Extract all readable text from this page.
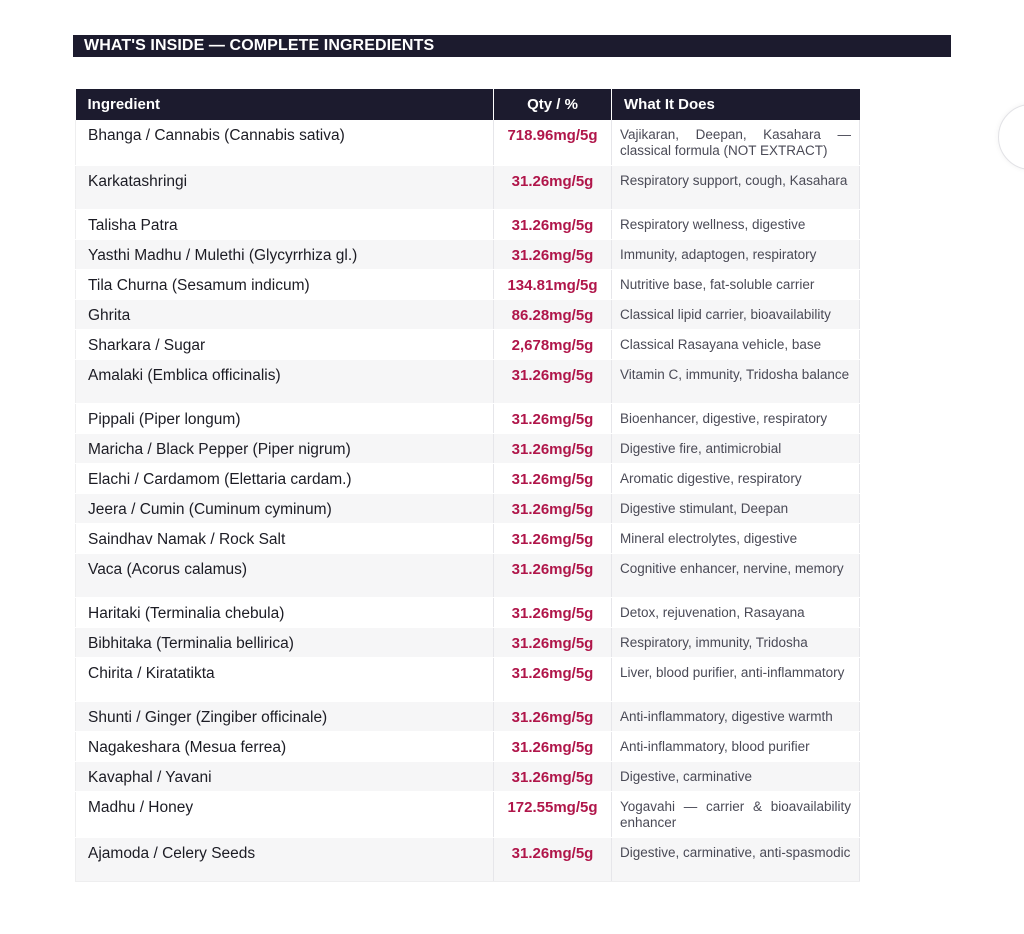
WHAT'S INSIDE — COMPLETE INGREDIENTS
Ingredient	Qty / %	What It Does
Bhanga / Cannabis (Cannabis sativa)	718.96mg/5g	Vajikaran, Deepan, Kasahara — classical formula (NOT EXTRACT)
Karkatashringi	31.26mg/5g	Respiratory support, cough, Kasahara
Talisha Patra	31.26mg/5g	Respiratory wellness, digestive
Yasthi Madhu / Mulethi (Glycyrrhiza gl.)	31.26mg/5g	Immunity, adaptogen, respiratory
Tila Churna (Sesamum indicum)	134.81mg/5g	Nutritive base, fat-soluble carrier
Ghrita	86.28mg/5g	Classical lipid carrier, bioavailability
Sharkara / Sugar	2,678mg/5g	Classical Rasayana vehicle, base
Amalaki (Emblica officinalis)	31.26mg/5g	Vitamin C, immunity, Tridosha balance
Pippali (Piper longum)	31.26mg/5g	Bioenhancer, digestive, respiratory
Maricha / Black Pepper (Piper nigrum)	31.26mg/5g	Digestive fire, antimicrobial
Elachi / Cardamom (Elettaria cardam.)	31.26mg/5g	Aromatic digestive, respiratory
Jeera / Cumin (Cuminum cyminum)	31.26mg/5g	Digestive stimulant, Deepan
Saindhav Namak / Rock Salt	31.26mg/5g	Mineral electrolytes, digestive
Vaca (Acorus calamus)	31.26mg/5g	Cognitive enhancer, nervine, memory
Haritaki (Terminalia chebula)	31.26mg/5g	Detox, rejuvenation, Rasayana
Bibhitaka (Terminalia bellirica)	31.26mg/5g	Respiratory, immunity, Tridosha
Chirita / Kiratatikta	31.26mg/5g	Liver, blood purifier, anti-inflammatory
Shunti / Ginger (Zingiber officinale)	31.26mg/5g	Anti-inflammatory, digestive warmth
Nagakeshara (Mesua ferrea)	31.26mg/5g	Anti-inflammatory, blood purifier
Kavaphal / Yavani	31.26mg/5g	Digestive, carminative
Madhu / Honey	172.55mg/5g	Yogavahi — carrier & bioavailability enhancer
Ajamoda / Celery Seeds	31.26mg/5g	Digestive, carminative, anti-spasmodic
